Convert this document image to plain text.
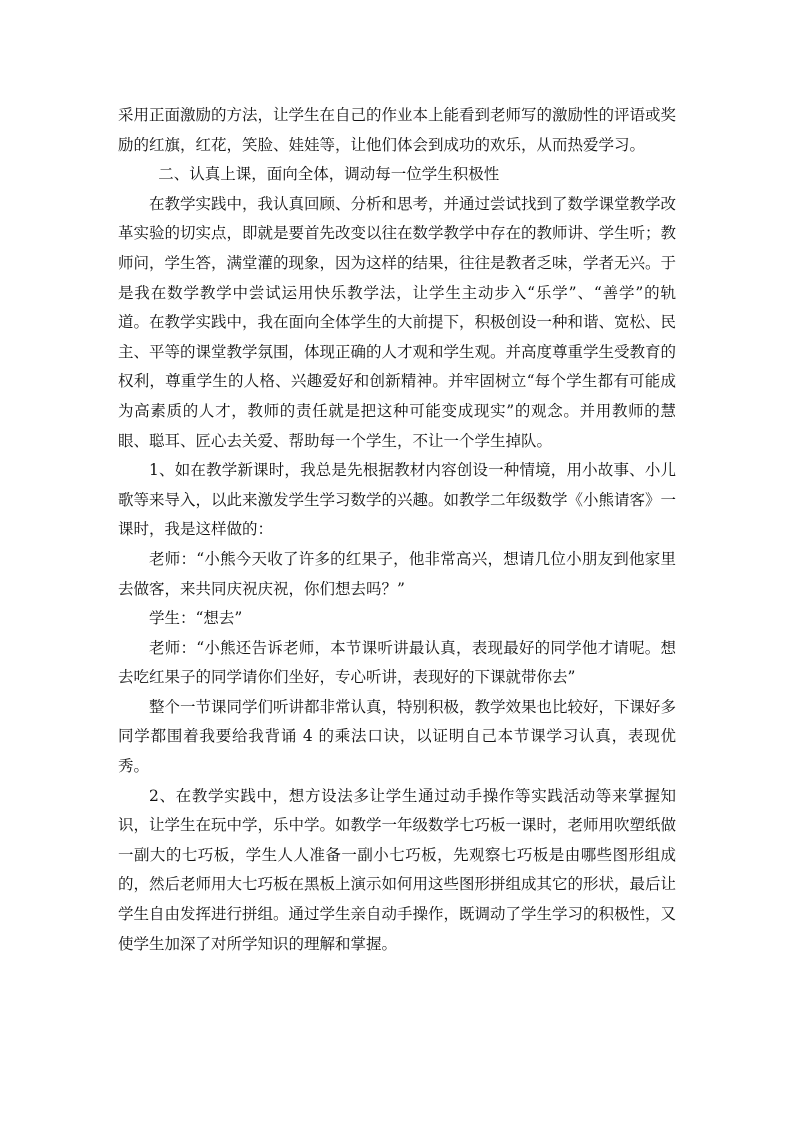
采用正面激励的方法，让学生在自己的作业本上能看到老师写的激励性的评语或奖励的红旗，红花，笑脸、娃娃等，让他们体会到成功的欢乐，从而热爱学习。

二、认真上课，面向全体，调动每一位学生积极性

在教学实践中，我认真回顾、分析和思考，并通过尝试找到了数学课堂教学改革实验的切实点，即就是要首先改变以往在数学教学中存在的教师讲、学生听；教师问，学生答，满堂灌的现象，因为这样的结果，往往是教者乏味，学者无兴。于是我在数学教学中尝试运用快乐教学法，让学生主动步入“乐学”、“善学”的轨道。在教学实践中，我在面向全体学生的大前提下，积极创设一种和谐、宽松、民主、平等的课堂教学氛围，体现正确的人才观和学生观。并高度尊重学生受教育的权利，尊重学生的人格、兴趣爱好和创新精神。并牢固树立“每个学生都有可能成为高素质的人才，教师的责任就是把这种可能变成现实”的观念。并用教师的慧眼、聪耳、匠心去关爱、帮助每一个学生，不让一个学生掉队。

1、如在教学新课时，我总是先根据教材内容创设一种情境，用小故事、小儿歌等来导入，以此来激发学生学习数学的兴趣。如教学二年级数学《小熊请客》一课时，我是这样做的：

老师：“小熊今天收了许多的红果子，他非常高兴，想请几位小朋友到他家里去做客，来共同庆祝庆祝，你们想去吗？”

学生：“想去”

老师：“小熊还告诉老师，本节课听讲最认真，表现最好的同学他才请呢。想去吃红果子的同学请你们坐好，专心听讲，表现好的下课就带你去”

整个一节课同学们听讲都非常认真，特别积极，教学效果也比较好，下课好多同学都围着我要给我背诵 4 的乘法口诀，以证明自己本节课学习认真，表现优秀。

2、在教学实践中，想方设法多让学生通过动手操作等实践活动等来掌握知识，让学生在玩中学，乐中学。如教学一年级数学七巧板一课时，老师用吹塑纸做一副大的七巧板，学生人人准备一副小七巧板，先观察七巧板是由哪些图形组成的，然后老师用大七巧板在黑板上演示如何用这些图形拼组成其它的形状，最后让学生自由发挥进行拼组。通过学生亲自动手操作，既调动了学生学习的积极性，又使学生加深了对所学知识的理解和掌握。
